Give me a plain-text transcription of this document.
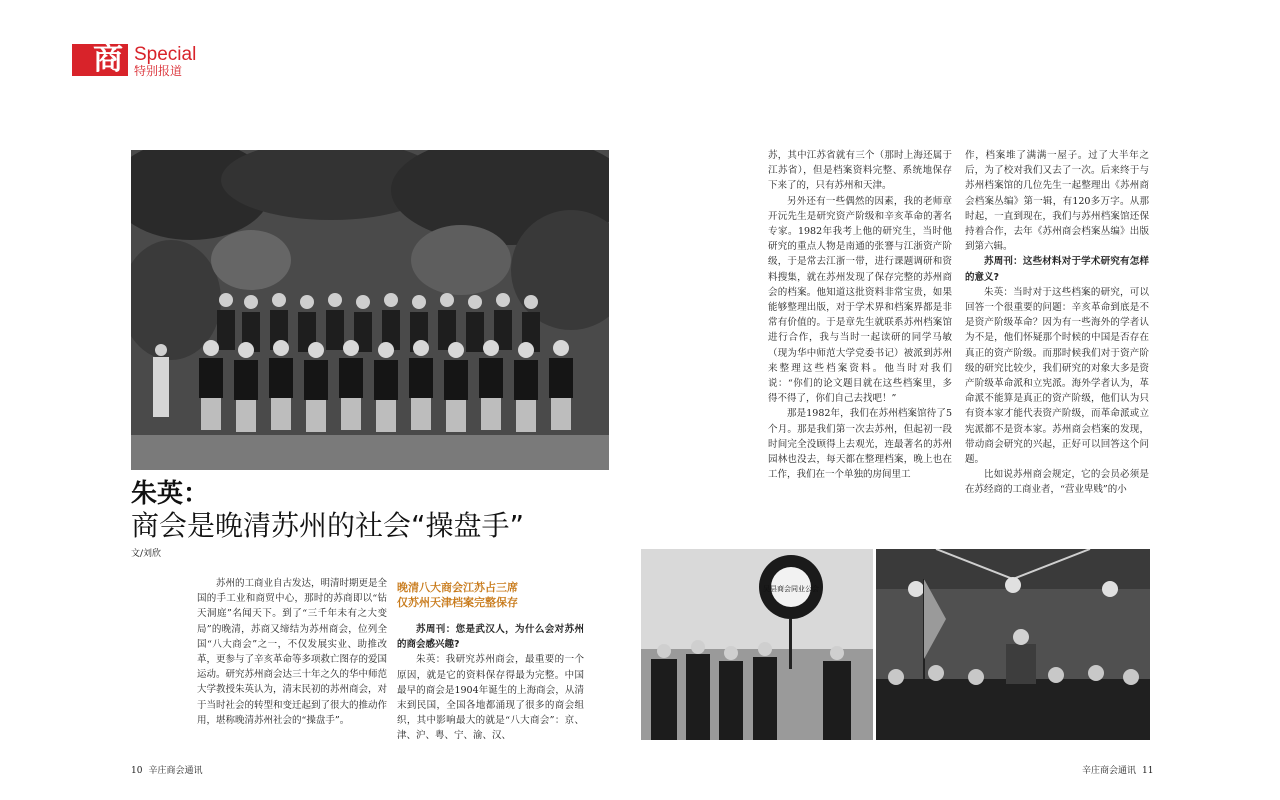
商 Special
特别报道
朱英：
商会是晚清苏州的社会“操盘手”
文/刘欣

苏州的工商业自古发达，明清时期更是全国的手工业和商贸中心，那时的苏商即以“钻天洞庭”名闻天下。到了“三千年未有之大变局”的晚清，苏商又缔结为苏州商会，位列全国“八大商会”之一，不仅发展实业、助推改革，更参与了辛亥革命等多项救亡图存的爱国运动。研究苏州商会达三十年之久的华中师范大学教授朱英认为，清末民初的苏州商会，对于当时社会的转型和变迁起到了很大的推动作用，堪称晚清苏州社会的“操盘手”。

晚清八大商会江苏占三席
仅苏州天津档案完整保存

苏周刊：您是武汉人，为什么会对苏州的商会感兴趣?

朱英：我研究苏州商会，最重要的一个原因，就是它的资料保存得最为完整。中国最早的商会是1904年诞生的上海商会，从清末到民国，全国各地都涌现了很多的商会组织，其中影响最大的就是“八大商会”：京、津、沪、粤、宁、渝、汉、

苏，其中江苏省就有三个（那时上海还属于江苏省），但是档案资料完整、系统地保存下来了的，只有苏州和天津。

另外还有一些偶然的因素，我的老师章开沅先生是研究资产阶级和辛亥革命的著名专家。1982年我考上他的研究生，当时他研究的重点人物是南通的张謇与江浙资产阶级，于是常去江浙一带，进行课题调研和资料搜集，就在苏州发现了保存完整的苏州商会的档案。他知道这批资料非常宝贵，如果能够整理出版，对于学术界和档案界都是非常有价值的。于是章先生就联系苏州档案馆进行合作，我与当时一起读研的同学马敏（现为华中师范大学党委书记）被派到苏州来整理这些档案资料。他当时对我们说：“你们的论文题目就在这些档案里，多得不得了，你们自己去找吧！”

那是1982年，我们在苏州档案馆待了5个月。那是我们第一次去苏州，但起初一段时间完全没顾得上去观光，连最著名的苏州园林也没去，每天都在整理档案，晚上也在工作，我们在一个单独的房间里工

作，档案堆了满满一屋子。过了大半年之后，为了校对我们又去了一次。后来终于与苏州档案馆的几位先生一起整理出《苏州商会档案丛编》第一辑，有120多万字。从那时起，一直到现在，我们与苏州档案馆还保持着合作，去年《苏州商会档案丛编》出版到第六辑。

苏周刊：这些材料对于学术研究有怎样的意义?

朱英：当时对于这些档案的研究，可以回答一个很重要的问题：辛亥革命到底是不是资产阶级革命？因为有一些海外的学者认为不是，他们怀疑那个时候的中国是否存在真正的资产阶级。而那时候我们对于资产阶级的研究比较少，我们研究的对象大多是资产阶级革命派和立宪派。海外学者认为，革命派不能算是真正的资产阶级，他们认为只有资本家才能代表资产阶级，而革命派或立宪派都不是资本家。苏州商会档案的发现，带动商会研究的兴起，正好可以回答这个问题。

比如说苏州商会规定，它的会员必须是在苏经商的工商业者，“营业卑贱”的小

吴县商会同业公会
10 辛庄商会通讯	辛庄商会通讯 11
